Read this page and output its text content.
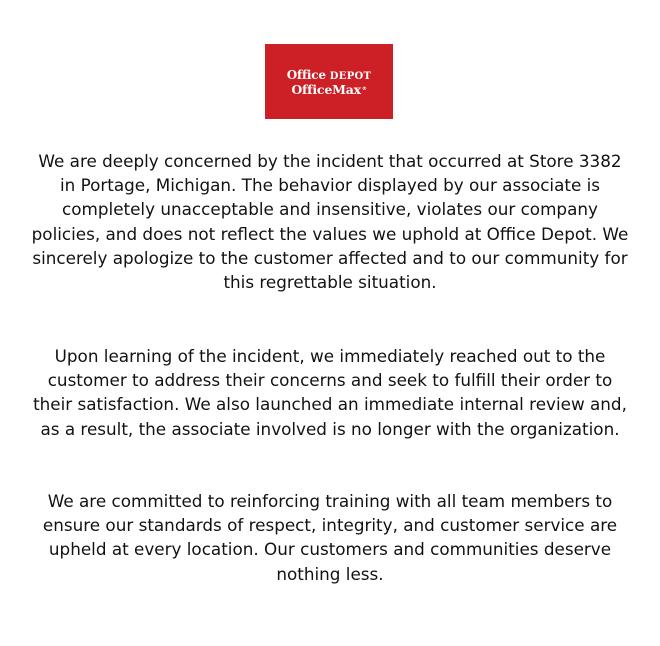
Office DEPOT
OfficeMax®

We are deeply concerned by the incident that occurred at Store 3382 in Portage, Michigan. The behavior displayed by our associate is completely unacceptable and insensitive, violates our company policies, and does not reflect the values we uphold at Office Depot. We sincerely apologize to the customer affected and to our community for this regrettable situation.

Upon learning of the incident, we immediately reached out to the customer to address their concerns and seek to fulfill their order to their satisfaction. We also launched an immediate internal review and, as a result, the associate involved is no longer with the organization.

We are committed to reinforcing training with all team members to ensure our standards of respect, integrity, and customer service are upheld at every location. Our customers and communities deserve nothing less.
